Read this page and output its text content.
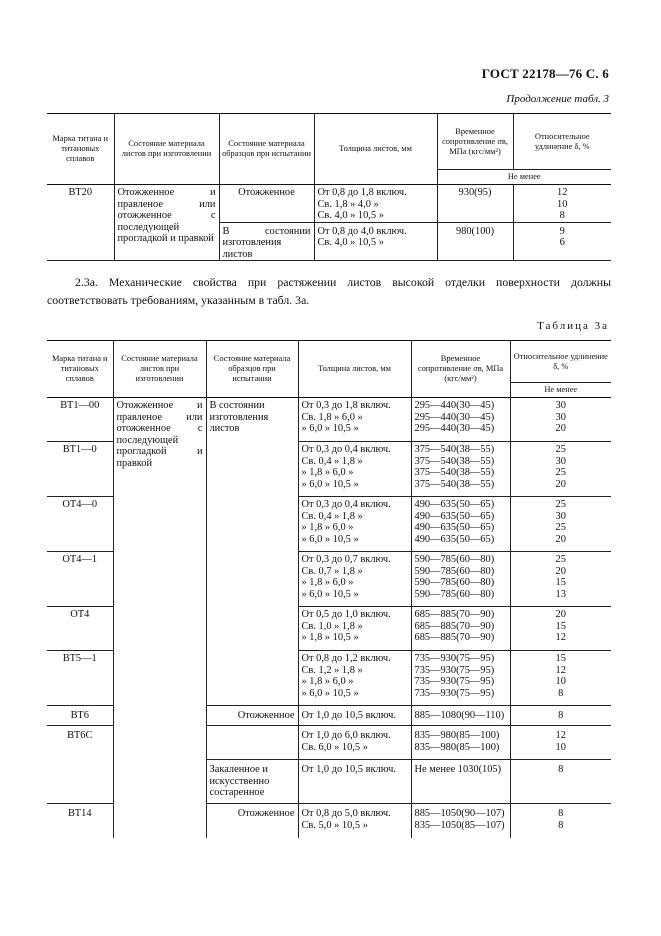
ГОСТ 22178—76 С. 6
Продолжение табл. 3
Марка титана и титановых сплавов	Состояние материала листов при изготовлении	Состояние материала образцов при испытании	Толщина листов, мм	Временное сопротивление σв, МПа (кгс/мм²)	Относительное удлинение δ, %
				Не менее	
ВТ20	Отожженное и правленое или отожженное с последующей прогладкой и правкой	Отожженное	От 0,8 до 1,8 включ.
Св. 1,8 » 4,0 »
Св. 4,0 » 10,5 »	930(95)	12
10
8

		В состоянии изготовления листов	От 0,8 до 4,0 включ.
Св. 4,0 » 10,5 »	980(100)	9
6
2.3а. Механические свойства при растяжении листов высокой отделки поверхности должны соответствовать требованиям, указанным в табл. 3а.
Таблица 3а
Марка титана и титановых сплавов	Состояние материала листов при изготовлении	Состояние материала образцов при испытании	Толщина листов, мм	Временное сопротивление σв, МПа (кгс/мм²)	Относительное удлинение δ, %
					Не менее
ВТ1—00	Отожженное и правленое или отожженное с последующей прогладкой и правкой	В состоянии изготовления листов	От 0,3 до 1,8 включ.
Св. 1,8 » 6,0 »
» 6,0 » 10,5 »	295—440(30—45)
295—440(30—45)
295—440(30—45)	30
30
20

ВТ1—0			От 0,3 до 0,4 включ.
Св. 0,4 » 1,8 »
» 1,8 » 6,0 »
» 6,0 » 10,5 »	375—540(38—55)
375—540(38—55)
375—540(38—55)
375—540(38—55)	25
30
25
20

ОТ4—0			От 0,3 до 0,4 включ.
Св. 0,4 » 1,8 »
» 1,8 » 6,0 »
» 6,0 » 10,5 »	490—635(50—65)
490—635(50—65)
490—635(50—65)
490—635(50—65)	25
30
25
20

ОТ4—1			От 0,3 до 0,7 включ.
Св. 0,7 » 1,8 »
» 1,8 » 6,0 »
» 6,0 » 10,5 »	590—785(60—80)
590—785(60—80)
590—785(60—80)
590—785(60—80)	25
20
15
13

ОТ4			От 0,5 до 1,0 включ.
Св. 1,0 » 1,8 »
» 1,8 » 10,5 »	685—885(70—90)
685—885(70—90)
685—885(70—90)	20
15
12

ВТ5—1			От 0,8 до 1,2 включ.
Св. 1,2 » 1,8 »
» 1,8 » 6,0 »
» 6,0 » 10,5 »	735—930(75—95)
735—930(75—95)
735—930(75—95)
735—930(75—95)	15
12
10
8

ВТ6		Отожженное	От 1,0 до 10,5 включ.	885—1080(90—110)	8
ВТ6С			От 1,0 до 6,0 включ.
Св. 6,0 » 10,5 »	835—980(85—100)
835—980(85—100)	12
10

		Закаленное и искусственно состаренное	От 1,0 до 10,5 включ.	Не менее 1030(105)	8
ВТ14		Отожженное	От 0,8 до 5,0 включ.
Св. 5,0 » 10,5 »	885—1050(90—107)
835—1050(85—107)	8
8
